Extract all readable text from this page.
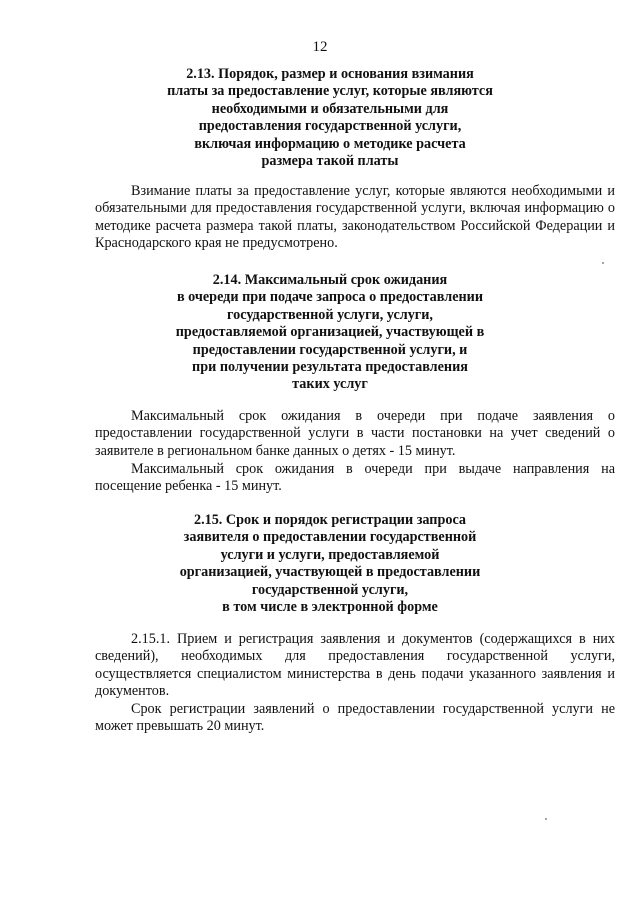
12
2.13. Порядок, размер и основания взимания
платы за предоставление услуг, которые являются
необходимыми и обязательными для
предоставления государственной услуги,
включая информацию о методике расчета
размера такой платы

Взимание платы за предоставление услуг, которые являются необходимыми и обязательными для предоставления государственной услуги, включая информацию о методике расчета размера такой платы, законодательством Российской Федерации и Краснодарского края не предусмотрено.

2.14. Максимальный срок ожидания
в очереди при подаче запроса о предоставлении
государственной услуги, услуги,
предоставляемой организацией, участвующей в
предоставлении государственной услуги, и
при получении результата предоставления
таких услуг

Максимальный срок ожидания в очереди при подаче заявления о предоставлении государственной услуги в части постановки на учет сведений о заявителе в региональном банке данных о детях - 15 минут.

Максимальный срок ожидания в очереди при выдаче направления на посещение ребенка - 15 минут.

2.15. Срок и порядок регистрации запроса
заявителя о предоставлении государственной
услуги и услуги, предоставляемой
организацией, участвующей в предоставлении
государственной услуги,
в том числе в электронной форме

2.15.1. Прием и регистрация заявления и документов (содержащихся в них сведений), необходимых для предоставления государственной услуги, осуществляется специалистом министерства в день подачи указанного заявления и документов.

Срок регистрации заявлений о предоставлении государственной услуги не может превышать 20 минут.
